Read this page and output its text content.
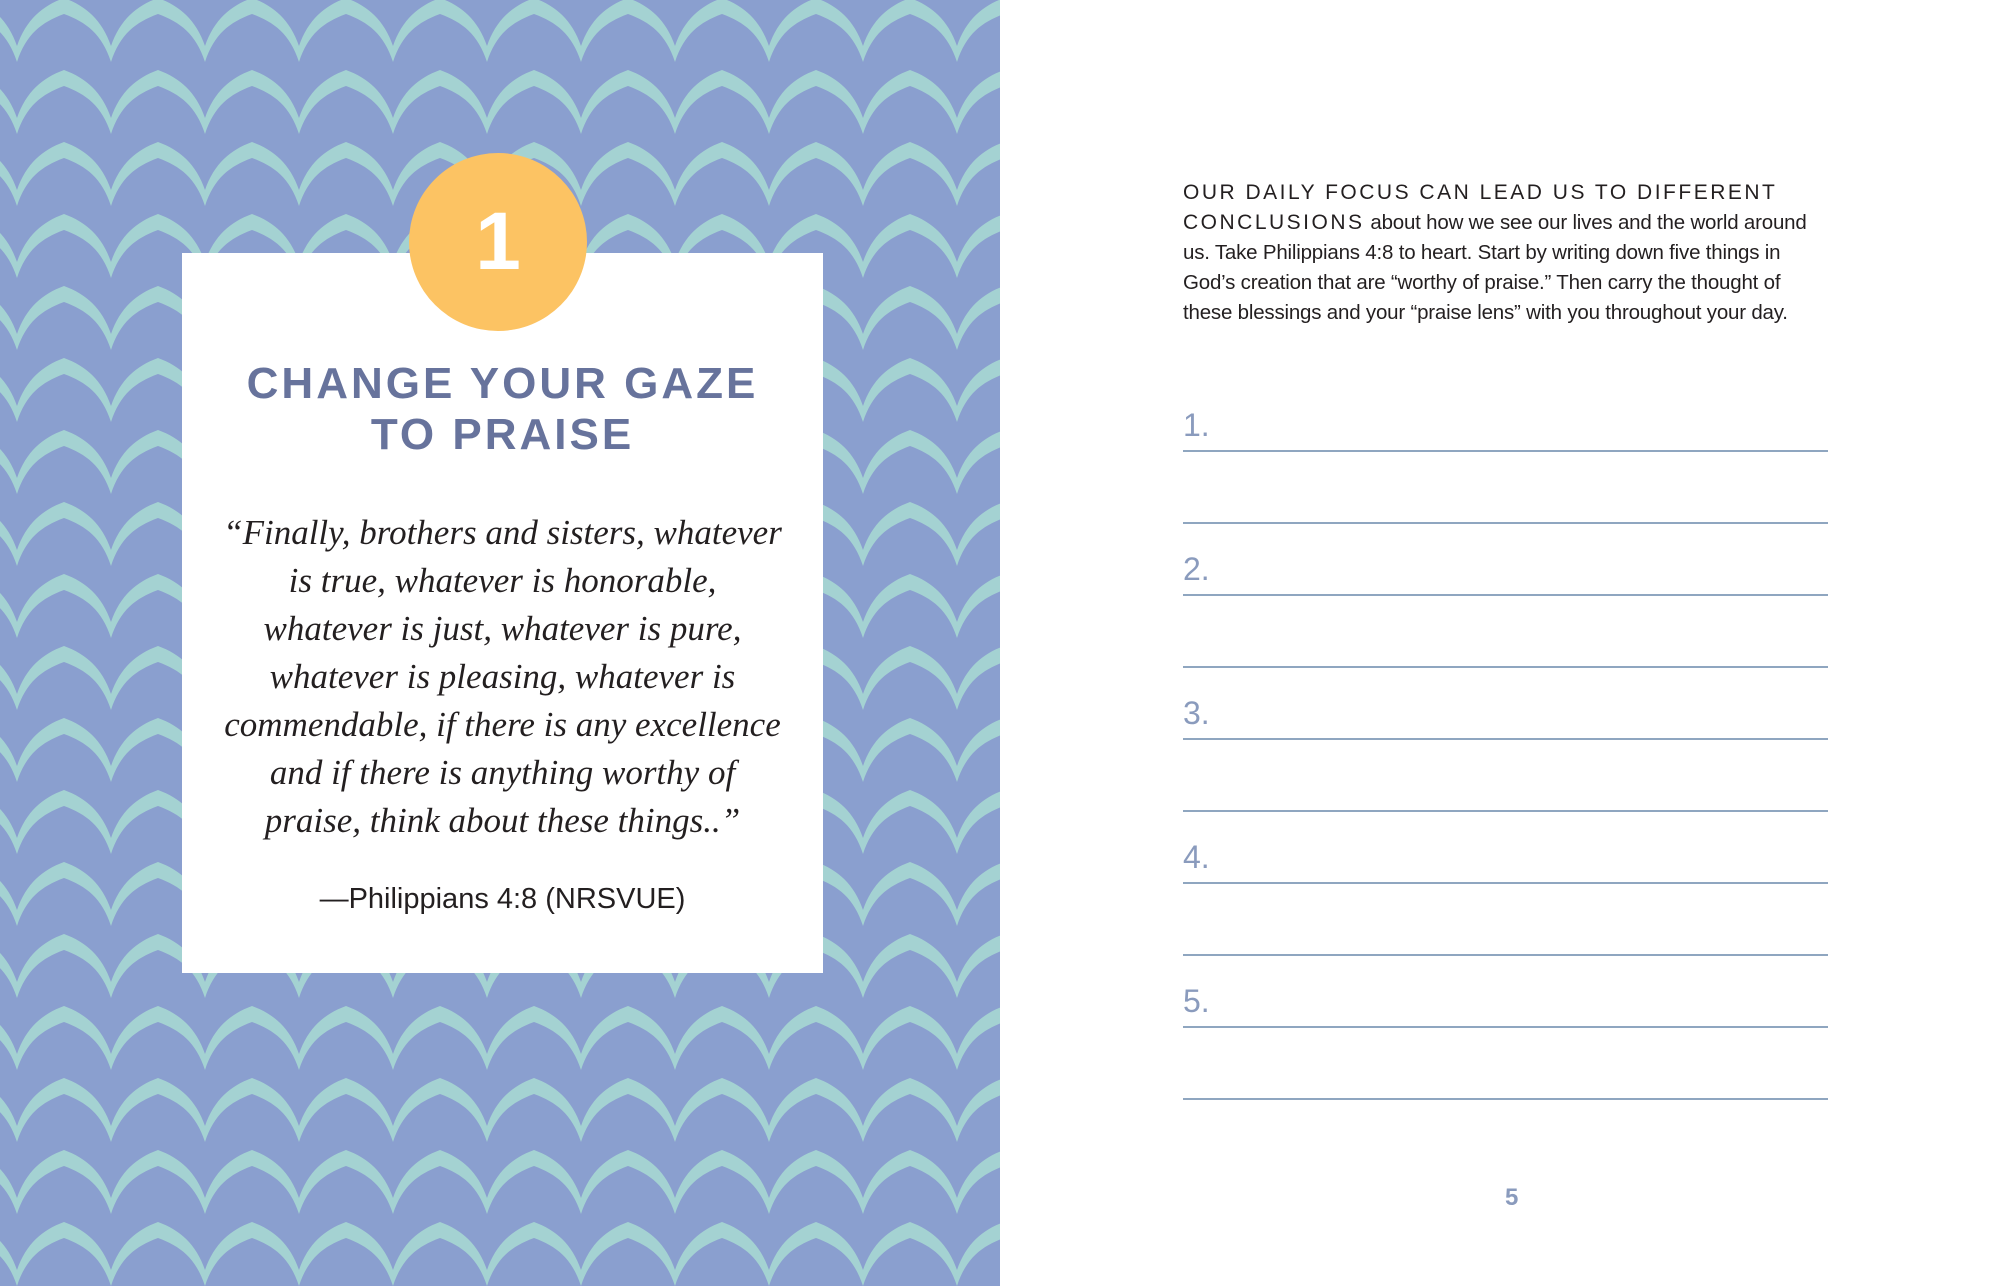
CHANGE YOUR GAZE
TO PRAISE
“Finally, brothers and sisters, whatever
is true, whatever is honorable,
whatever is just, whatever is pure,
whatever is pleasing, whatever is
commendable, if there is any excellence
and if there is anything worthy of
praise, think about these things..”
—Philippians 4:8 (NRSVUE)
1
OUR DAILY FOCUS CAN LEAD US TO DIFFERENT
CONCLUSIONS about how we see our lives and the world around
us. Take Philippians 4:8 to heart. Start by writing down five things in
God’s creation that are “worthy of praise.” Then carry the thought of
these blessings and your “praise lens” with you throughout your day.
1.
2.
3.
4.
5.
5
